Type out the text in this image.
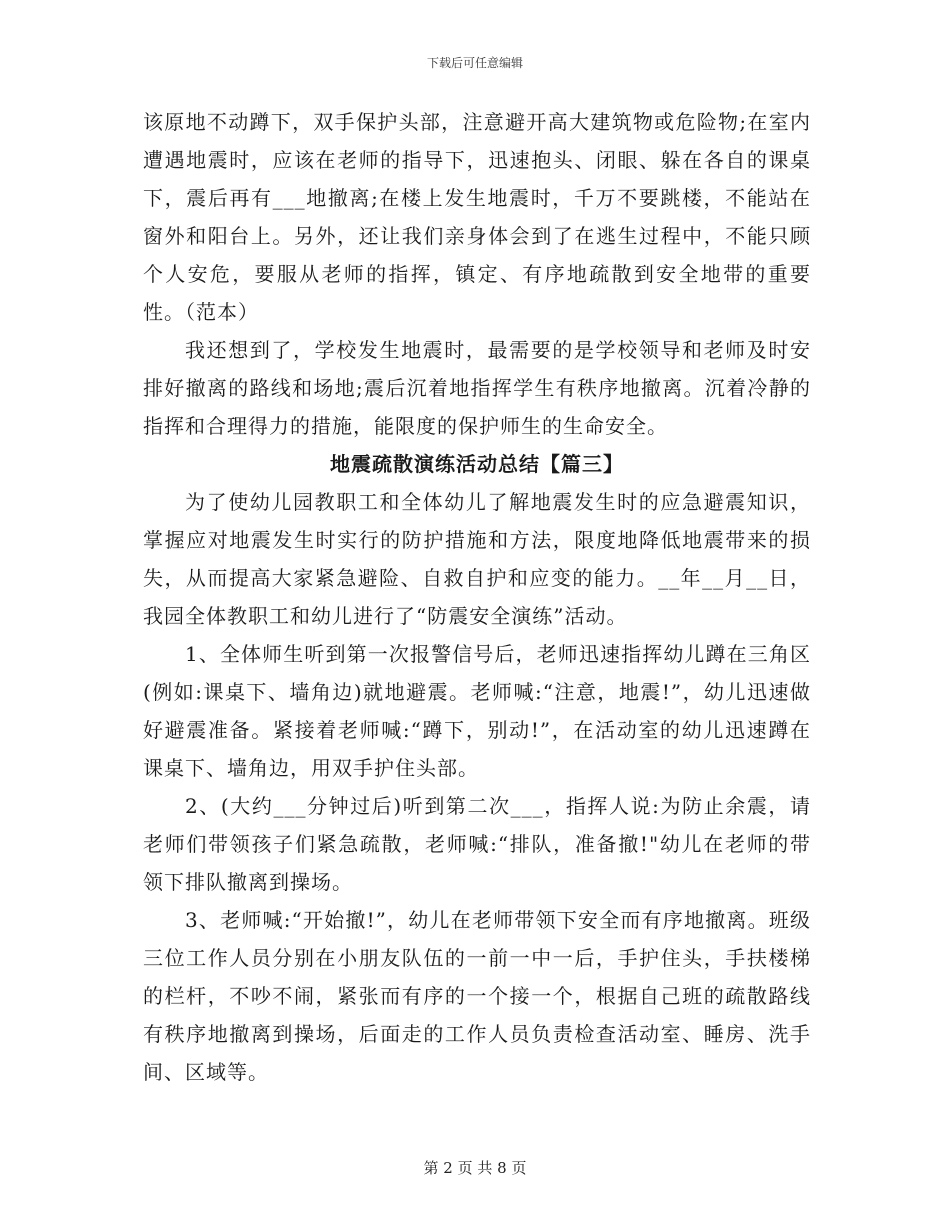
下载后可任意编辑

该原地不动蹲下，双手保护头部，注意避开高大建筑物或危险物;在室内遭遇地震时，应该在老师的指导下，迅速抱头、闭眼、躲在各自的课桌下，震后再有___地撤离;在楼上发生地震时，千万不要跳楼，不能站在窗外和阳台上。另外，还让我们亲身体会到了在逃生过程中，不能只顾个人安危，要服从老师的指挥，镇定、有序地疏散到安全地带的重要性。（范本）

我还想到了，学校发生地震时，最需要的是学校领导和老师及时安排好撤离的路线和场地;震后沉着地指挥学生有秩序地撤离。沉着冷静的指挥和合理得力的措施，能限度的保护师生的生命安全。

地震疏散演练活动总结【篇三】

为了使幼儿园教职工和全体幼儿了解地震发生时的应急避震知识，掌握应对地震发生时实行的防护措施和方法，限度地降低地震带来的损失，从而提高大家紧急避险、自救自护和应变的能力。__年__月__日，我园全体教职工和幼儿进行了“防震安全演练”活动。

1、全体师生听到第一次报警信号后，老师迅速指挥幼儿蹲在三角区(例如:课桌下、墙角边)就地避震。老师喊:“注意，地震!”，幼儿迅速做好避震准备。紧接着老师喊:“蹲下，别动!”，在活动室的幼儿迅速蹲在课桌下、墙角边，用双手护住头部。

2、(大约___分钟过后)听到第二次___，指挥人说:为防止余震，请老师们带领孩子们紧急疏散，老师喊:“排队，准备撤!"幼儿在老师的带领下排队撤离到操场。

3、老师喊:“开始撤!”，幼儿在老师带领下安全而有序地撤离。班级三位工作人员分别在小朋友队伍的一前一中一后，手护住头，手扶楼梯的栏杆，不吵不闹，紧张而有序的一个接一个，根据自己班的疏散路线有秩序地撤离到操场，后面走的工作人员负责检查活动室、睡房、洗手间、区域等。

第 2 页 共 8 页
